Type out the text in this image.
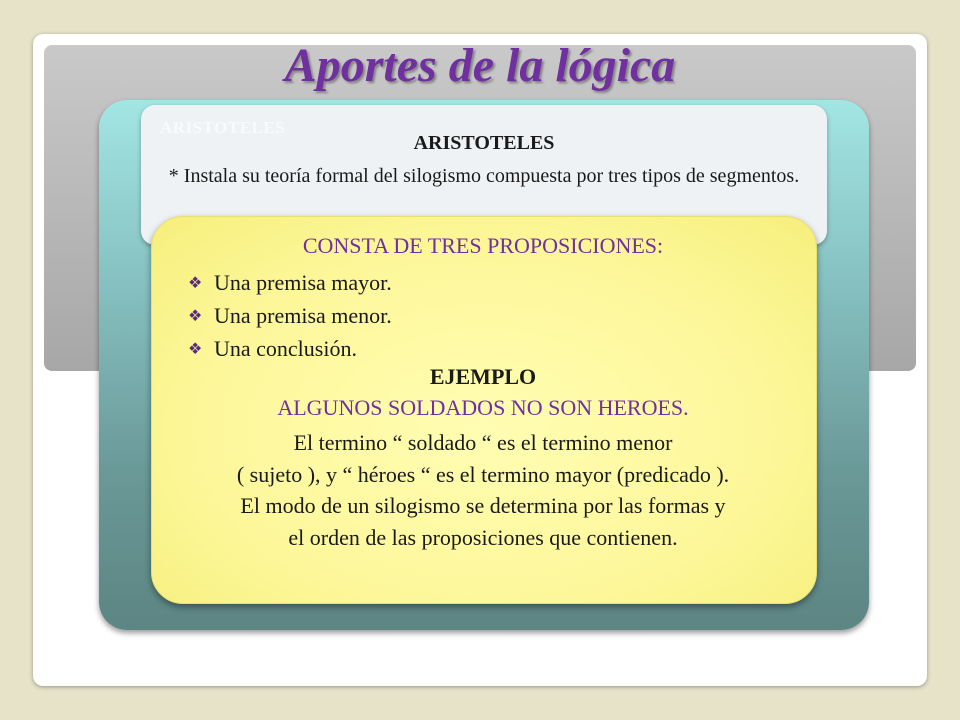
Aportes de la lógica
ARISTOTELES
ARISTOTELES
* Instala su teoría formal del silogismo compuesta por tres tipos de segmentos.
CONSTA DE TRES PROPOSICIONES:
❖ Una premisa mayor.
❖ Una premisa menor.
❖ Una conclusión.
EJEMPLO
ALGUNOS SOLDADOS NO SON HEROES.
El termino “ soldado “ es el termino menor
( sujeto ), y “ héroes “ es el termino mayor (predicado ).
El modo de un silogismo se determina por las formas y
el orden de las proposiciones que contienen.
